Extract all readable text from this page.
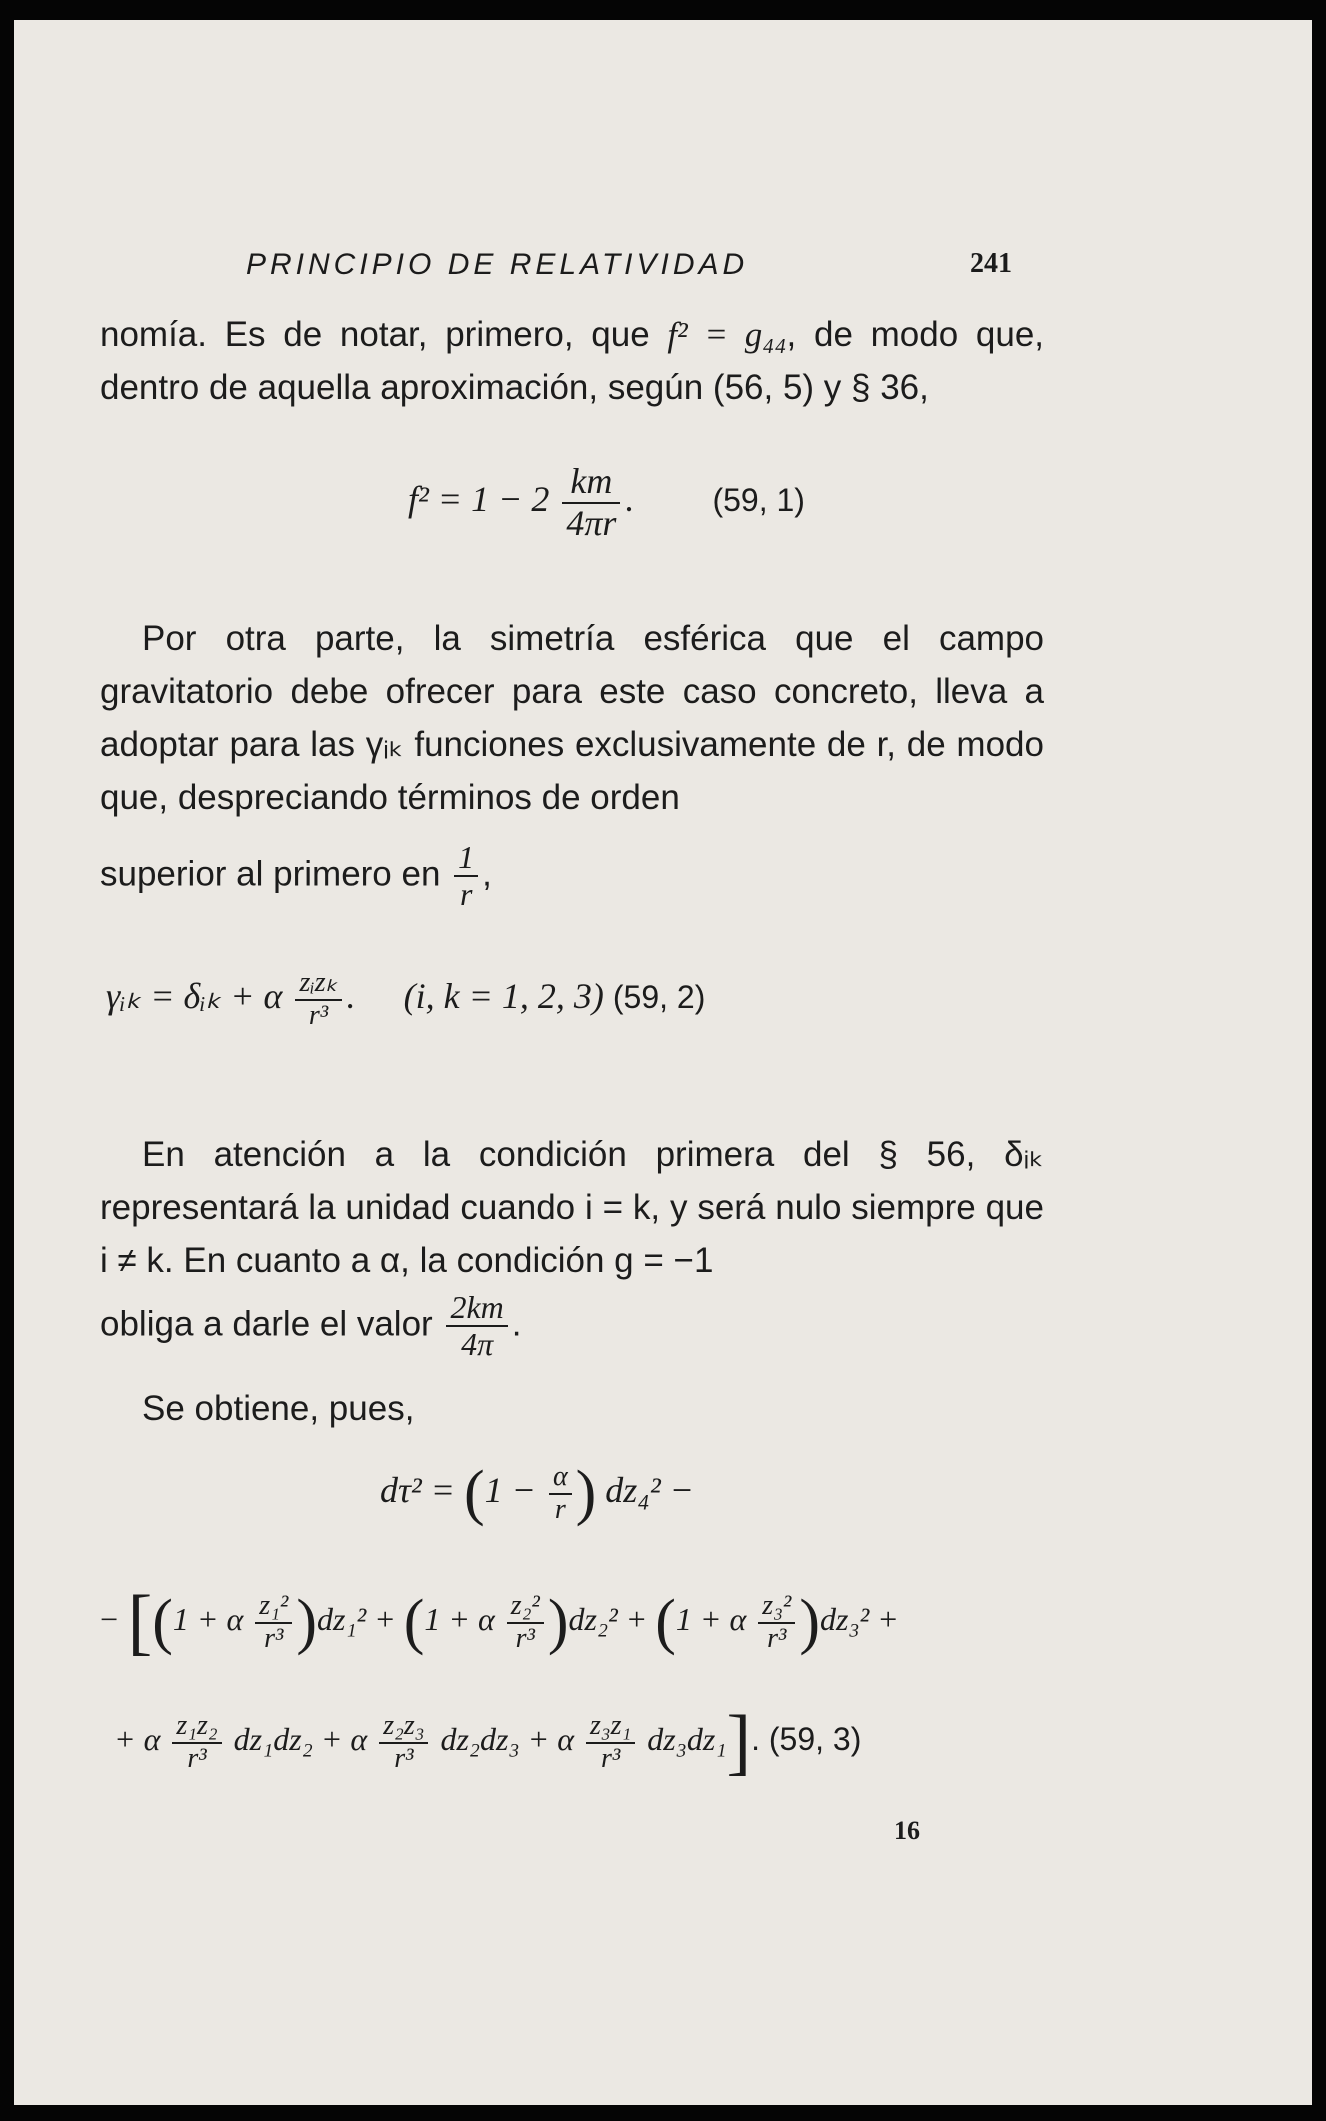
PRINCIPIO DE RELATIVIDAD	241

nomía. Es de notar, primero, que f² = g₄₄, de modo que, dentro de aquella aproximación, según (56, 5) y § 36,

$f^2 = 1 - 2 \frac{km}{4\pi r}$ . (59, 1)

Por otra parte, la simetría esférica que el campo gravitatorio debe ofrecer para este caso concreto, lleva a adoptar para las γᵢₖ funciones exclusivamente de r, de modo que, despreciando términos de orden

superior al primero en $\frac{1}{r}$ ,
γᵢₖ = δᵢₖ + α $\frac{\text{zᵢzₖ}}{\text{r³}}$ . (i, k = 1, 2, 3) (59, 2)

En atención a la condición primera del § 56, δᵢₖ representará la unidad cuando i = k, y será nulo siempre que i ≠ k. En cuanto a α, la condición g = −1

obliga a darle el valor $\frac{2km}{4\pi}$ .

Se obtiene, pues,

$d\tau^2 = (1 - \frac{\alpha}{r}$ ) dz₄² −
− [(1 + α $\frac{\text{z₁²}}{\text{r³}} )dz_1^2 + (1 + \alpha \frac{\text{z₂²}}{\text{r³}} )dz_2^2 + (1 + \alpha \frac{\text{z₃²}}{\text{r³}} )dz_3^2$ +
+ α $\frac{\text{z₁z₂}}{\text{r³}} dz_1dz_2 + \alpha \frac{\text{z₂z₃}}{\text{r³}} dz_2dz_3 + \alpha \frac{\text{z₃z₁}}{\text{r³}} dz_3dz_1$]. (59, 3)
16
